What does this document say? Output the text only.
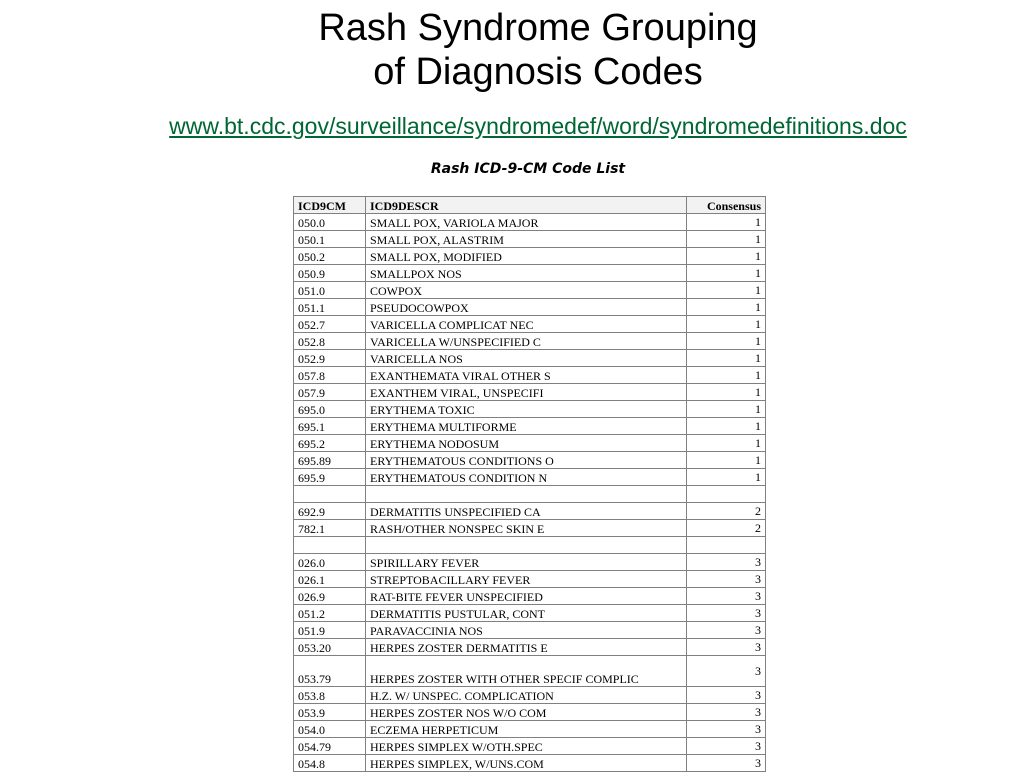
Rash Syndrome Grouping
of Diagnosis Codes
www.bt.cdc.gov/surveillance/syndromedef/word/syndromedefinitions.doc
Rash ICD-9-CM Code List
ICD9CM	ICD9DESCR	Consensus
050.0	SMALL POX, VARIOLA MAJOR	1
050.1	SMALL POX, ALASTRIM	1
050.2	SMALL POX, MODIFIED	1
050.9	SMALLPOX NOS	1
051.0	COWPOX	1
051.1	PSEUDOCOWPOX	1
052.7	VARICELLA COMPLICAT NEC	1
052.8	VARICELLA W/UNSPECIFIED C	1
052.9	VARICELLA NOS	1
057.8	EXANTHEMATA VIRAL OTHER S	1
057.9	EXANTHEM VIRAL, UNSPECIFI	1
695.0	ERYTHEMA TOXIC	1
695.1	ERYTHEMA MULTIFORME	1
695.2	ERYTHEMA NODOSUM	1
695.89	ERYTHEMATOUS CONDITIONS O	1
695.9	ERYTHEMATOUS CONDITION N	1

692.9	DERMATITIS UNSPECIFIED CA	2
782.1	RASH/OTHER NONSPEC SKIN E	2

026.0	SPIRILLARY FEVER	3
026.1	STREPTOBACILLARY FEVER	3
026.9	RAT-BITE FEVER UNSPECIFIED	3
051.2	DERMATITIS PUSTULAR, CONT	3
051.9	PARAVACCINIA NOS	3
053.20	HERPES ZOSTER DERMATITIS E	3
053.79	HERPES ZOSTER WITH OTHER SPECIF COMPLIC	3
053.8	H.Z. W/ UNSPEC. COMPLICATION	3
053.9	HERPES ZOSTER NOS W/O COM	3
054.0	ECZEMA HERPETICUM	3
054.79	HERPES SIMPLEX W/OTH.SPEC	3
054.8	HERPES SIMPLEX, W/UNS.COM	3
